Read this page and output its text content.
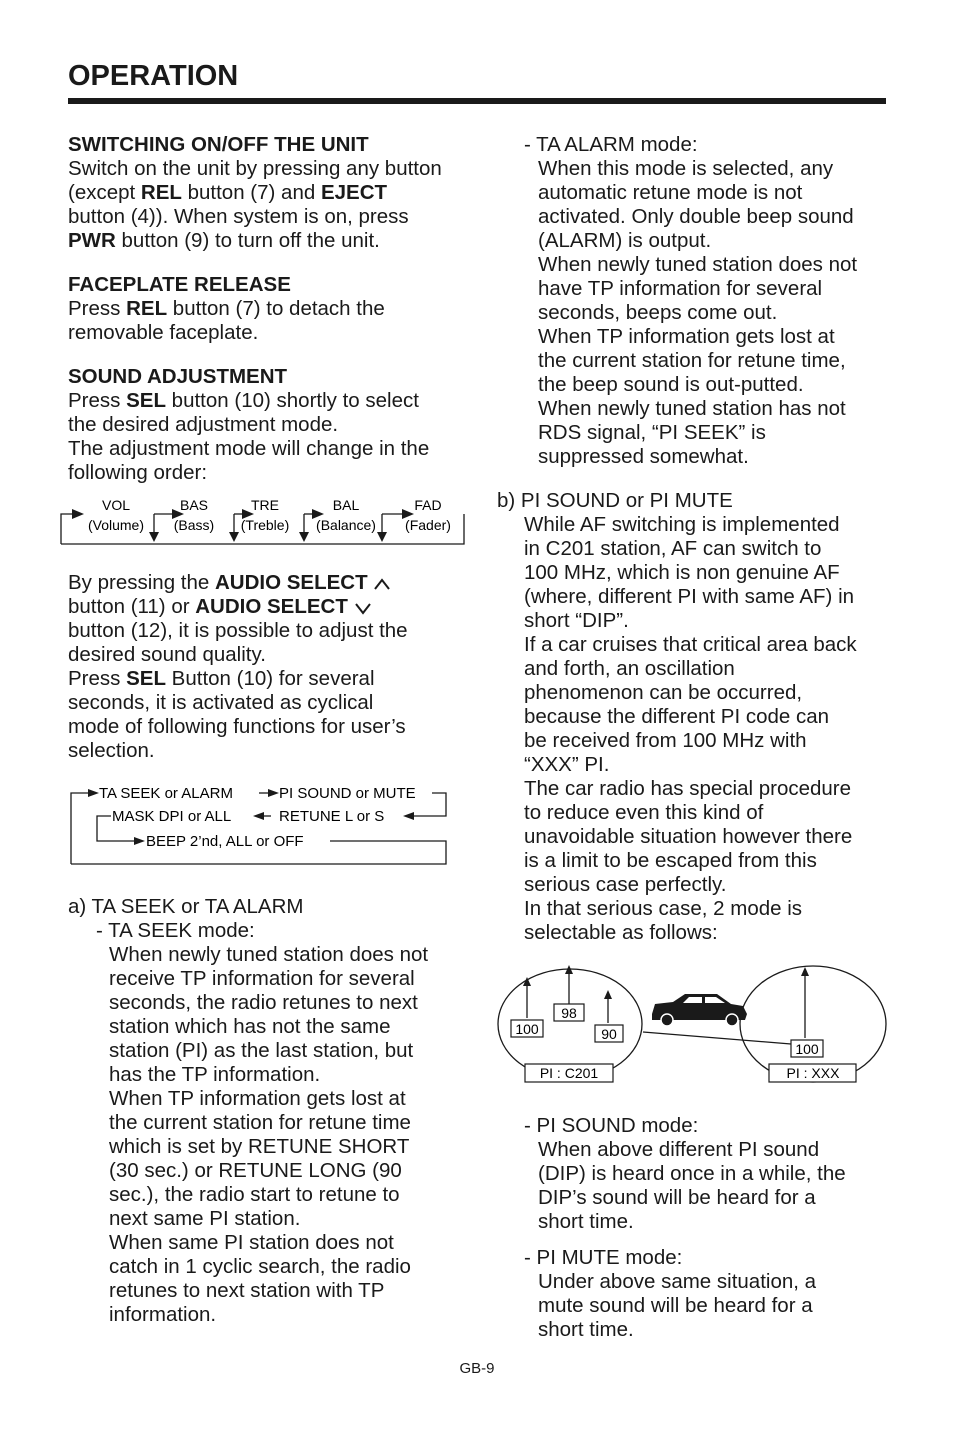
OPERATION

SWITCHING ON/OFF THE UNIT

Switch on the unit by pressing any button

(except REL button (7) and EJECT

button (4)). When system is on, press

PWR button (9) to turn off the unit.

FACEPLATE RELEASE

Press REL button (7) to detach the

removable faceplate.

SOUND ADJUSTMENT

Press SEL button (10) shortly to select

the desired adjustment mode.

The adjustment mode will change in the

following order:

VOL
(Volume)
BAS
(Bass)
TRE
(Treble)
BAL
(Balance)
FAD
(Fader)

By pressing the AUDIO SELECT

button (11) or AUDIO SELECT

button (12), it is possible to adjust the

desired sound quality.

Press SEL Button (10) for several

seconds, it is activated as cyclical

mode of following functions for user’s

selection.

TA SEEK or ALARM	PI SOUND or MUTE
MASK DPI or ALL	RETUNE L or S
BEEP 2’nd, ALL or OFF

a) TA SEEK or TA ALARM

- TA SEEK mode:

When newly tuned station does not

receive TP information for several

seconds, the radio retunes to next

station which has not the same

station (PI) as the last station, but

has the TP information.

When TP information gets lost at

the current station for retune time

which is set by RETUNE SHORT

(30 sec.) or RETUNE LONG (90

sec.), the radio start to retune to

next same PI station.

When same PI station does not

catch in 1 cyclic search, the radio

retunes to next station with TP

information.

- TA ALARM mode:

When this mode is selected, any

automatic retune mode is not

activated. Only double beep sound

(ALARM) is output.

When newly tuned station does not

have TP information for several

seconds, beeps come out.

When TP information gets lost at

the current station for retune time,

the beep sound is out-putted.

When newly tuned station has not

RDS signal, “PI SEEK” is

suppressed somewhat.

b) PI SOUND or PI MUTE

While AF switching is implemented

in C201 station, AF can switch to

100 MHz, which is non genuine AF

(where, different PI with same AF) in

short “DIP”.

If a car cruises that critical area back

and forth, an oscillation

phenomenon can be occurred,

because the different PI code can

be received from 100 MHz with

“XXX” PI.

The car radio has special procedure

to reduce even this kind of

unavoidable situation however there

is a limit to be escaped from this

serious case perfectly.

In that serious case, 2 mode is

selectable as follows:

100
98
90
100
PI : C201	PI : XXX

- PI SOUND mode:

When above different PI sound

(DIP) is heard once in a while, the

DIP’s sound will be heard for a

short time.

- PI MUTE mode:

Under above same situation, a

mute sound will be heard for a

short time.

GB-9
